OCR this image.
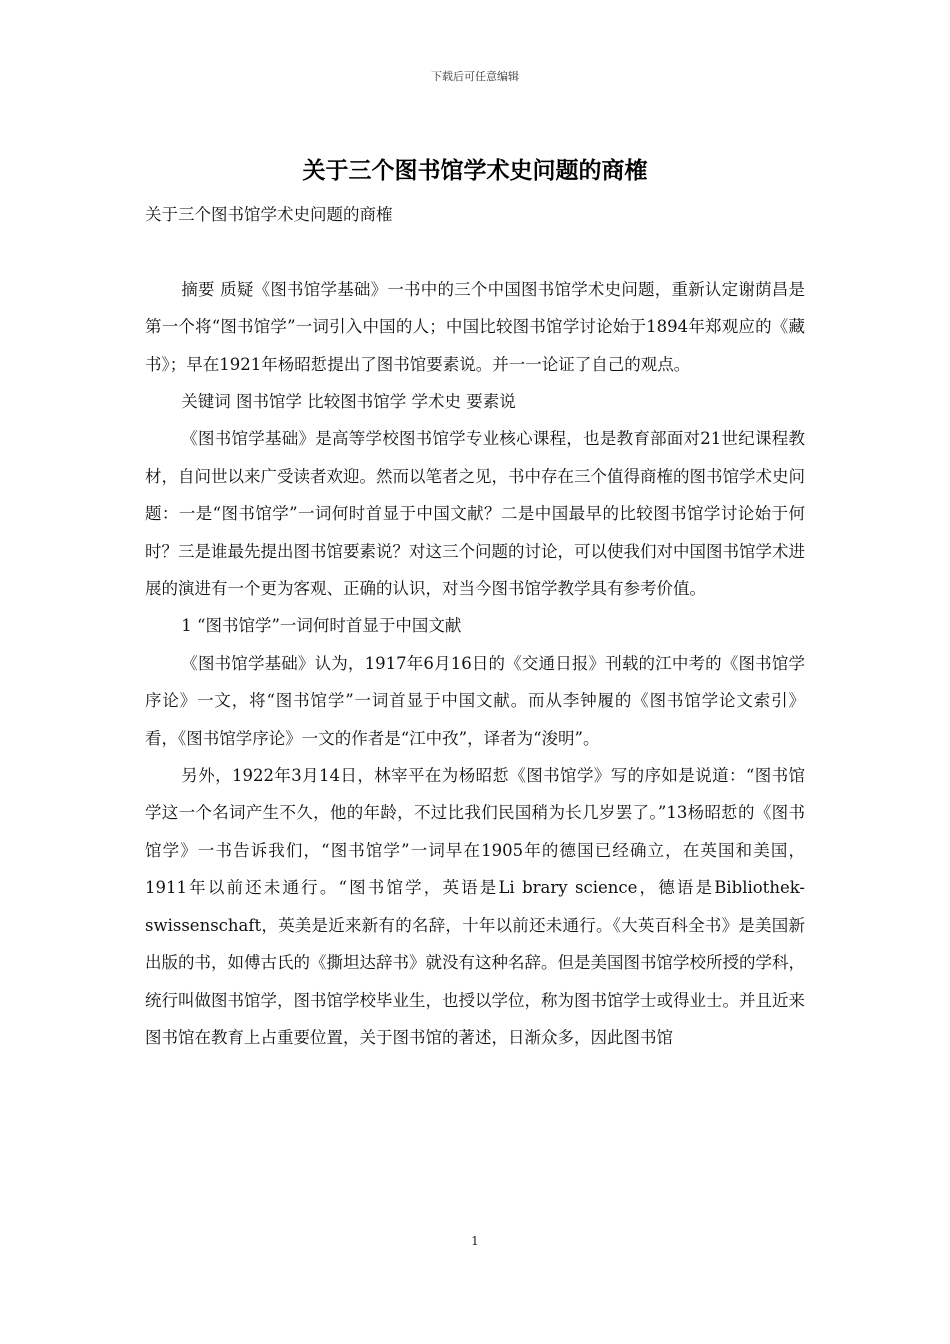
下载后可任意编辑
关于三个图书馆学术史问题的商榷

关于三个图书馆学术史问题的商榷

摘要 质疑《图书馆学基础》一书中的三个中国图书馆学术史问题，重新认定谢荫昌是第一个将“图书馆学”一词引入中国的人；中国比较图书馆学讨论始于1894年郑观应的《藏书》；早在1921年杨昭悊提出了图书馆要素说。并一一论证了自己的观点。

关键词 图书馆学 比较图书馆学 学术史 要素说

《图书馆学基础》是高等学校图书馆学专业核心课程，也是教育部面对21世纪课程教材，自问世以来广受读者欢迎。然而以笔者之见，书中存在三个值得商榷的图书馆学术史问题：一是“图书馆学”一词何时首显于中国文献？二是中国最早的比较图书馆学讨论始于何时？三是谁最先提出图书馆要素说？对这三个问题的讨论，可以使我们对中国图书馆学术进展的演进有一个更为客观、正确的认识，对当今图书馆学教学具有参考价值。

1 “图书馆学”一词何时首显于中国文献

《图书馆学基础》认为，1917年6月16日的《交通日报》刊载的江中考的《图书馆学序论》一文，将“图书馆学”一词首显于中国文献。而从李钟履的《图书馆学论文索引》看，《图书馆学序论》一文的作者是“江中孜”，译者为“浚明”。

另外，1922年3月14日，林宰平在为杨昭悊《图书馆学》写的序如是说道：“图书馆学这一个名词产生不久，他的年龄，不过比我们民国稍为长几岁罢了。”13杨昭悊的《图书馆学》一书告诉我们，“图书馆学”一词早在1905年的德国已经确立，在英国和美国，1911年以前还未通行。“图书馆学，英语是Li brary science，德语是Bibliothek-swissenschaft，英美是近来新有的名辞，十年以前还未通行。《大英百科全书》是美国新出版的书，如傅古氏的《撕坦达辞书》就没有这种名辞。但是美国图书馆学校所授的学科，统行叫做图书馆学，图书馆学校毕业生，也授以学位，称为图书馆学士或得业士。并且近来图书馆在教育上占重要位置，关于图书馆的著述，日渐众多，因此图书馆

1
